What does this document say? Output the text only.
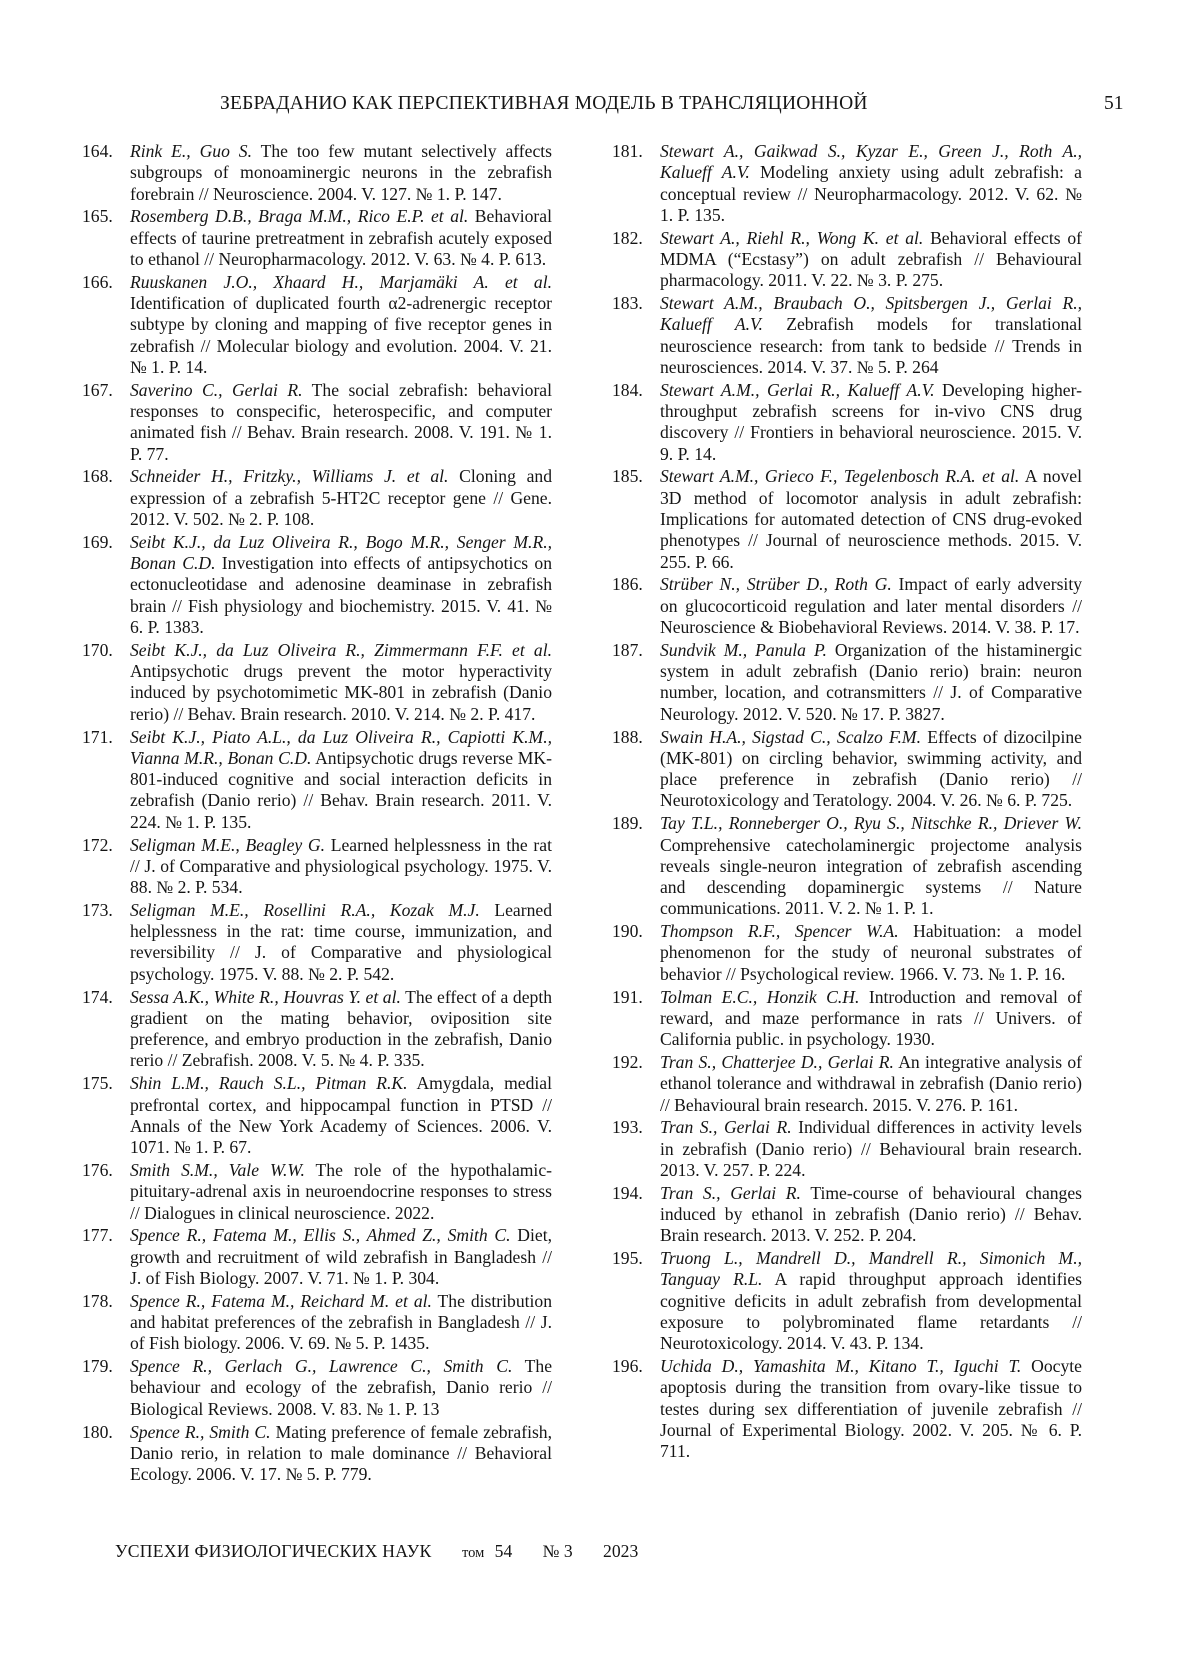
ЗЕБРАДАНИО КАК ПЕРСПЕКТИВНАЯ МОДЕЛЬ В ТРАНСЛЯЦИОННОЙ	51
164. Rink E., Guo S. The too few mutant selectively affects subgroups of monoaminergic neurons in the zebrafish forebrain // Neuroscience. 2004. V. 127. № 1. P. 147.
165. Rosemberg D.B., Braga M.M., Rico E.P. et al. Behavioral effects of taurine pretreatment in zebrafish acutely exposed to ethanol // Neuropharmacology. 2012. V. 63. № 4. P. 613.
166. Ruuskanen J.O., Xhaard H., Marjamäki A. et al. Identification of duplicated fourth α2-adrenergic receptor subtype by cloning and mapping of five receptor genes in zebrafish // Molecular biology and evolution. 2004. V. 21. № 1. P. 14.
167. Saverino C., Gerlai R. The social zebrafish: behavioral responses to conspecific, heterospecific, and computer animated fish // Behav. Brain research. 2008. V. 191. № 1. P. 77.
168. Schneider H., Fritzky., Williams J. et al. Cloning and expression of a zebrafish 5-HT2C receptor gene // Gene. 2012. V. 502. № 2. P. 108.
169. Seibt K.J., da Luz Oliveira R., Bogo M.R., Senger M.R., Bonan C.D. Investigation into effects of antipsychotics on ectonucleotidase and adenosine deaminase in zebrafish brain // Fish physiology and biochemistry. 2015. V. 41. № 6. P. 1383.
170. Seibt K.J., da Luz Oliveira R., Zimmermann F.F. et al. Antipsychotic drugs prevent the motor hyperactivity induced by psychotomimetic MK-801 in zebrafish (Danio rerio) // Behav. Brain research. 2010. V. 214. № 2. P. 417.
171. Seibt K.J., Piato A.L., da Luz Oliveira R., Capiotti K.M., Vianna M.R., Bonan C.D. Antipsychotic drugs reverse MK-801-induced cognitive and social interaction deficits in zebrafish (Danio rerio) // Behav. Brain research. 2011. V. 224. № 1. P. 135.
172. Seligman M.E., Beagley G. Learned helplessness in the rat // J. of Comparative and physiological psychology. 1975. V. 88. № 2. P. 534.
173. Seligman M.E., Rosellini R.A., Kozak M.J. Learned helplessness in the rat: time course, immunization, and reversibility // J. of Comparative and physiological psychology. 1975. V. 88. № 2. P. 542.
174. Sessa A.K., White R., Houvras Y. et al. The effect of a depth gradient on the mating behavior, oviposition site preference, and embryo production in the zebrafish, Danio rerio // Zebrafish. 2008. V. 5. № 4. P. 335.
175. Shin L.M., Rauch S.L., Pitman R.K. Amygdala, medial prefrontal cortex, and hippocampal function in PTSD // Annals of the New York Academy of Sciences. 2006. V. 1071. № 1. P. 67.
176. Smith S.M., Vale W.W. The role of the hypothalamic-pituitary-adrenal axis in neuroendocrine responses to stress // Dialogues in clinical neuroscience. 2022.
177. Spence R., Fatema M., Ellis S., Ahmed Z., Smith C. Diet, growth and recruitment of wild zebrafish in Bangladesh // J. of Fish Biology. 2007. V. 71. № 1. P. 304.
178. Spence R., Fatema M., Reichard M. et al. The distribution and habitat preferences of the zebrafish in Bangladesh // J. of Fish biology. 2006. V. 69. № 5. P. 1435.
179. Spence R., Gerlach G., Lawrence C., Smith C. The behaviour and ecology of the zebrafish, Danio rerio // Biological Reviews. 2008. V. 83. № 1. P. 13
180. Spence R., Smith C. Mating preference of female zebrafish, Danio rerio, in relation to male dominance // Behavioral Ecology. 2006. V. 17. № 5. P. 779.
181. Stewart A., Gaikwad S., Kyzar E., Green J., Roth A., Kalueff A.V. Modeling anxiety using adult zebrafish: a conceptual review // Neuropharmacology. 2012. V. 62. № 1. P. 135.
182. Stewart A., Riehl R., Wong K. et al. Behavioral effects of MDMA (“Ecstasy”) on adult zebrafish // Behavioural pharmacology. 2011. V. 22. № 3. P. 275.
183. Stewart A.M., Braubach O., Spitsbergen J., Gerlai R., Kalueff A.V. Zebrafish models for translational neuroscience research: from tank to bedside // Trends in neurosciences. 2014. V. 37. № 5. P. 264
184. Stewart A.M., Gerlai R., Kalueff A.V. Developing higher-throughput zebrafish screens for in-vivo CNS drug discovery // Frontiers in behavioral neuroscience. 2015. V. 9. P. 14.
185. Stewart A.M., Grieco F., Tegelenbosch R.A. et al. A novel 3D method of locomotor analysis in adult zebrafish: Implications for automated detection of CNS drug-evoked phenotypes // Journal of neuroscience methods. 2015. V. 255. P. 66.
186. Strüber N., Strüber D., Roth G. Impact of early adversity on glucocorticoid regulation and later mental disorders // Neuroscience & Biobehavioral Reviews. 2014. V. 38. P. 17.
187. Sundvik M., Panula P. Organization of the histaminergic system in adult zebrafish (Danio rerio) brain: neuron number, location, and cotransmitters // J. of Comparative Neurology. 2012. V. 520. № 17. P. 3827.
188. Swain H.A., Sigstad C., Scalzo F.M. Effects of dizocilpine (MK-801) on circling behavior, swimming activity, and place preference in zebrafish (Danio rerio) // Neurotoxicology and Teratology. 2004. V. 26. № 6. P. 725.
189. Tay T.L., Ronneberger O., Ryu S., Nitschke R., Driever W. Comprehensive catecholaminergic projectome analysis reveals single-neuron integration of zebrafish ascending and descending dopaminergic systems // Nature communications. 2011. V. 2. № 1. P. 1.
190. Thompson R.F., Spencer W.A. Habituation: a model phenomenon for the study of neuronal substrates of behavior // Psychological review. 1966. V. 73. № 1. P. 16.
191. Tolman E.C., Honzik C.H. Introduction and removal of reward, and maze performance in rats // Univers. of California public. in psychology. 1930.
192. Tran S., Chatterjee D., Gerlai R. An integrative analysis of ethanol tolerance and withdrawal in zebrafish (Danio rerio) // Behavioural brain research. 2015. V. 276. P. 161.
193. Tran S., Gerlai R. Individual differences in activity levels in zebrafish (Danio rerio) // Behavioural brain research. 2013. V. 257. P. 224.
194. Tran S., Gerlai R. Time-course of behavioural changes induced by ethanol in zebrafish (Danio rerio) // Behav. Brain research. 2013. V. 252. P. 204.
195. Truong L., Mandrell D., Mandrell R., Simonich M., Tanguay R.L. A rapid throughput approach identifies cognitive deficits in adult zebrafish from developmental exposure to polybrominated flame retardants // Neurotoxicology. 2014. V. 43. P. 134.
196. Uchida D., Yamashita M., Kitano T., Iguchi T. Oocyte apoptosis during the transition from ovary-like tissue to testes during sex differentiation of juvenile zebrafish // Journal of Experimental Biology. 2002. V. 205. № 6. P. 711.
УСПЕХИ ФИЗИОЛОГИЧЕСКИХ НАУК том 54 № 3 2023
